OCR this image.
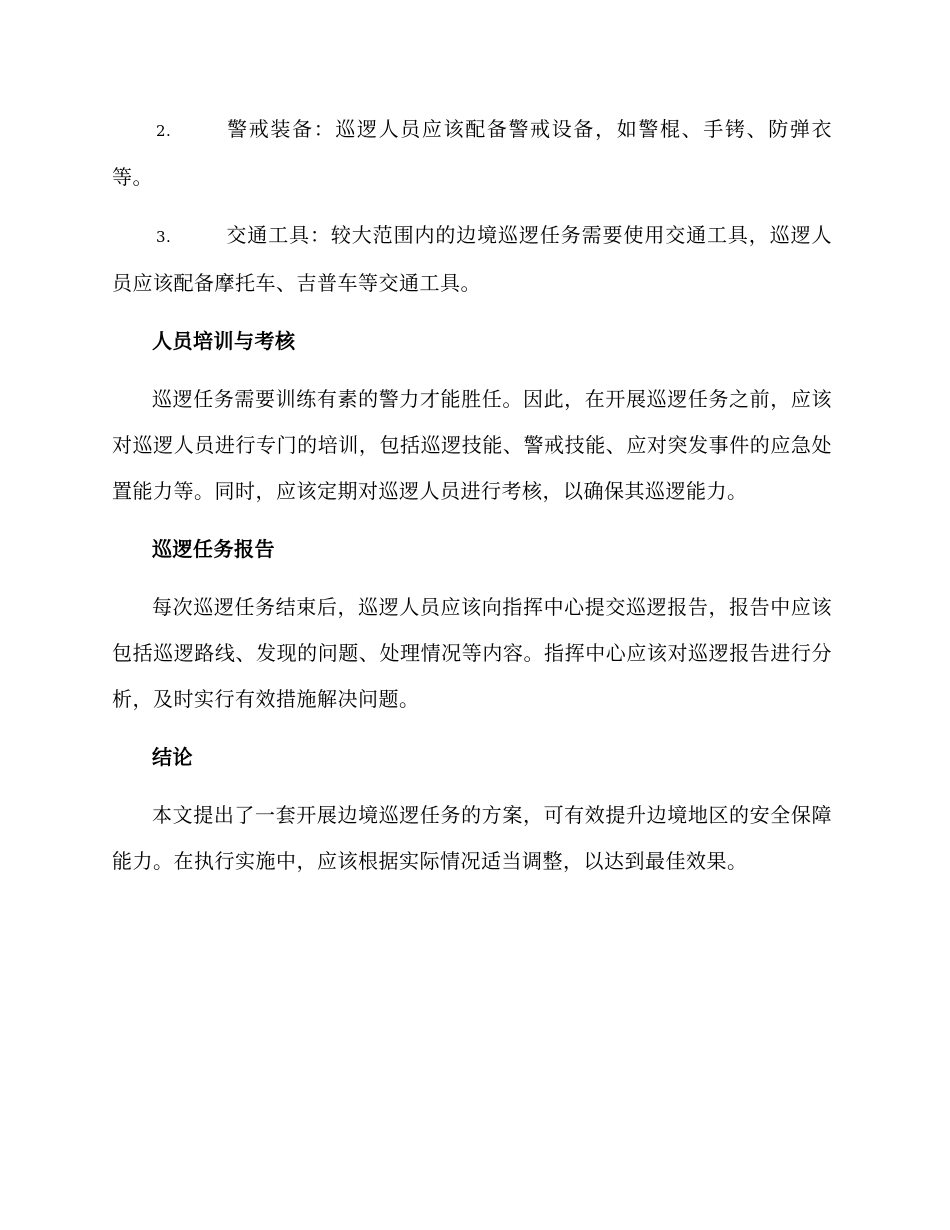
2.	警戒装备：巡逻人员应该配备警戒设备，如警棍、手铐、防弹衣等。

3.	交通工具：较大范围内的边境巡逻任务需要使用交通工具，巡逻人员应该配备摩托车、吉普车等交通工具。

人员培训与考核

巡逻任务需要训练有素的警力才能胜任。因此，在开展巡逻任务之前，应该对巡逻人员进行专门的培训，包括巡逻技能、警戒技能、应对突发事件的应急处置能力等。同时，应该定期对巡逻人员进行考核，以确保其巡逻能力。

巡逻任务报告

每次巡逻任务结束后，巡逻人员应该向指挥中心提交巡逻报告，报告中应该包括巡逻路线、发现的问题、处理情况等内容。指挥中心应该对巡逻报告进行分析，及时实行有效措施解决问题。

结论

本文提出了一套开展边境巡逻任务的方案，可有效提升边境地区的安全保障能力。在执行实施中，应该根据实际情况适当调整，以达到最佳效果。
